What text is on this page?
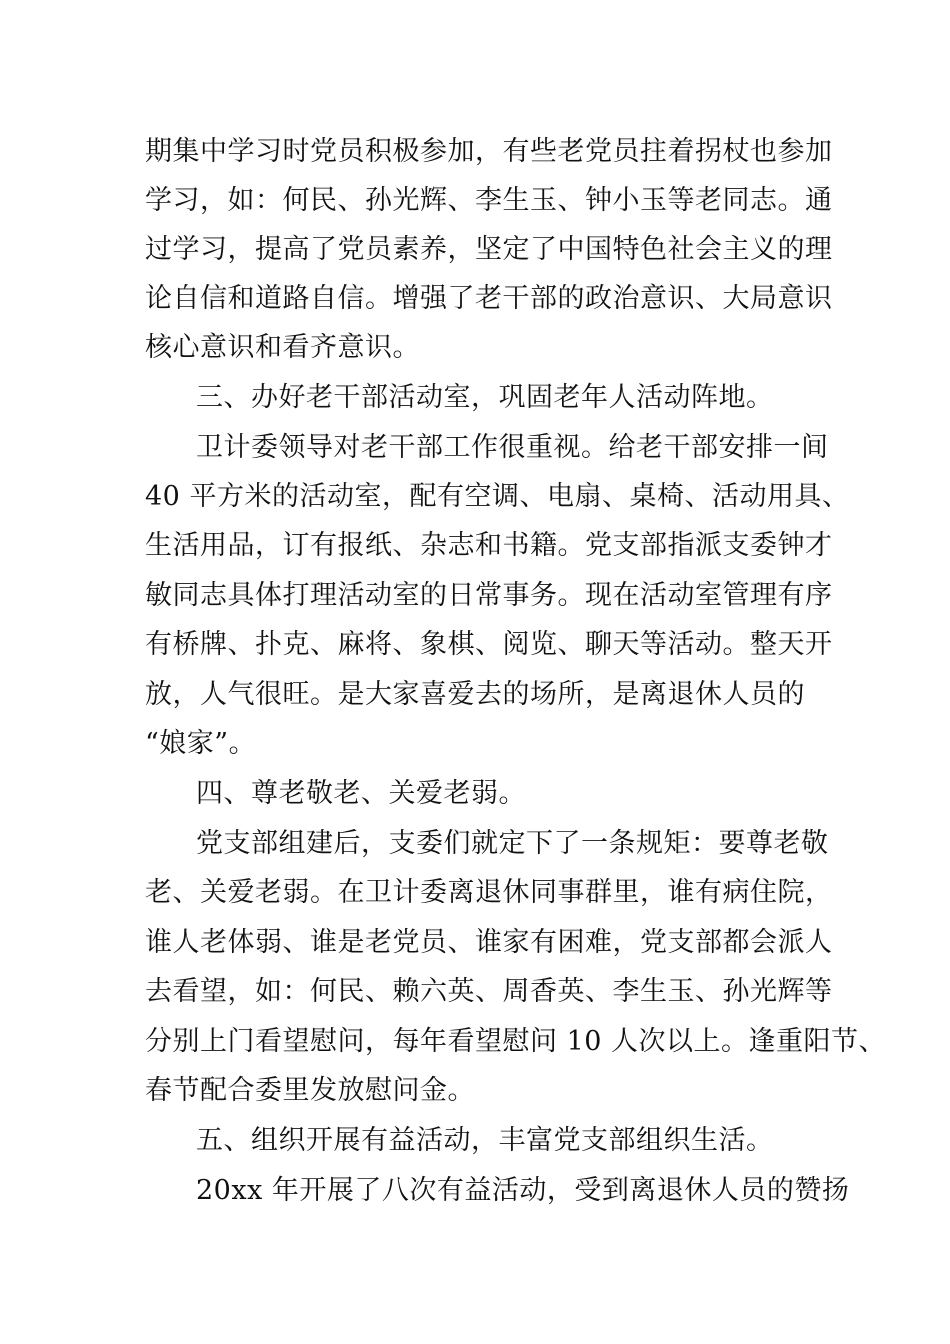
期集中学习时党员积极参加，有些老党员拄着拐杖也参加
学习，如：何民、孙光辉、李生玉、钟小玉等老同志。通
过学习，提高了党员素养，坚定了中国特色社会主义的理
论自信和道路自信。增强了老干部的政治意识、大局意识
核心意识和看齐意识。
三、办好老干部活动室，巩固老年人活动阵地。
卫计委领导对老干部工作很重视。给老干部安排一间
40 平方米的活动室，配有空调、电扇、桌椅、活动用具、
生活用品，订有报纸、杂志和书籍。党支部指派支委钟才
敏同志具体打理活动室的日常事务。现在活动室管理有序
有桥牌、扑克、麻将、象棋、阅览、聊天等活动。整天开
放，人气很旺。是大家喜爱去的场所，是离退休人员的
“娘家”。
四、尊老敬老、关爱老弱。
党支部组建后，支委们就定下了一条规矩：要尊老敬
老、关爱老弱。在卫计委离退休同事群里，谁有病住院，
谁人老体弱、谁是老党员、谁家有困难，党支部都会派人
去看望，如：何民、赖六英、周香英、李生玉、孙光辉等
分别上门看望慰问，每年看望慰问 10 人次以上。逢重阳节、
春节配合委里发放慰问金。
五、组织开展有益活动，丰富党支部组织生活。
20xx 年开展了八次有益活动，受到离退休人员的赞扬
